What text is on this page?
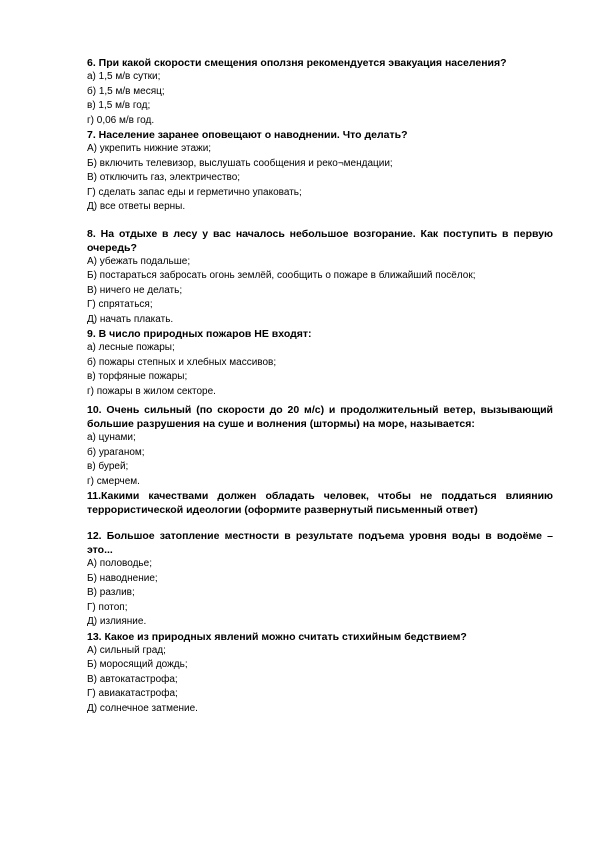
6. При какой скорости смещения оползня рекомендуется эвакуация населения?
а) 1,5 м/в сутки;
б) 1,5 м/в месяц;
в) 1,5 м/в год;
г) 0,06 м/в год.
7. Население заранее оповещают о наводнении. Что делать?
А) укрепить нижние этажи;
Б) включить телевизор, выслушать сообщения и реко¬мендации;
В) отключить газ, электричество;
Г) сделать запас еды и герметично упаковать;
Д) все ответы верны.
8. На отдыхе в лесу у вас началось небольшое возгорание. Как поступить в первую очередь?
А) убежать подальше;
Б) постараться забросать огонь землёй, сообщить о пожаре в ближайший посёлок;
В) ничего не делать;
Г) спрятаться;
Д) начать плакать.
9. В число природных пожаров НЕ входят:
а) лесные пожары;
б) пожары степных и хлебных массивов;
в) торфяные пожары;
г) пожары в жилом секторе.
10. Очень сильный (по скорости до 20 м/с) и продолжительный ветер, вызывающий большие разрушения на суше и волнения (штормы) на море, называется:
а) цунами;
б) ураганом;
в) бурей;
г) смерчем.
11.Какими качествами должен обладать человек, чтобы не поддаться влиянию террористической идеологии (оформите развернутый письменный ответ)
12. Большое затопление местности в результате подъема уровня воды в водоёме – это...
А) половодье;
Б) наводнение;
В) разлив;
Г) потоп;
Д) излияние.
13. Какое из природных явлений можно считать стихийным бедствием?
А) сильный град;
Б) моросящий дождь;
В) автокатастрофа;
Г) авиакатастрофа;
Д) солнечное затмение.
